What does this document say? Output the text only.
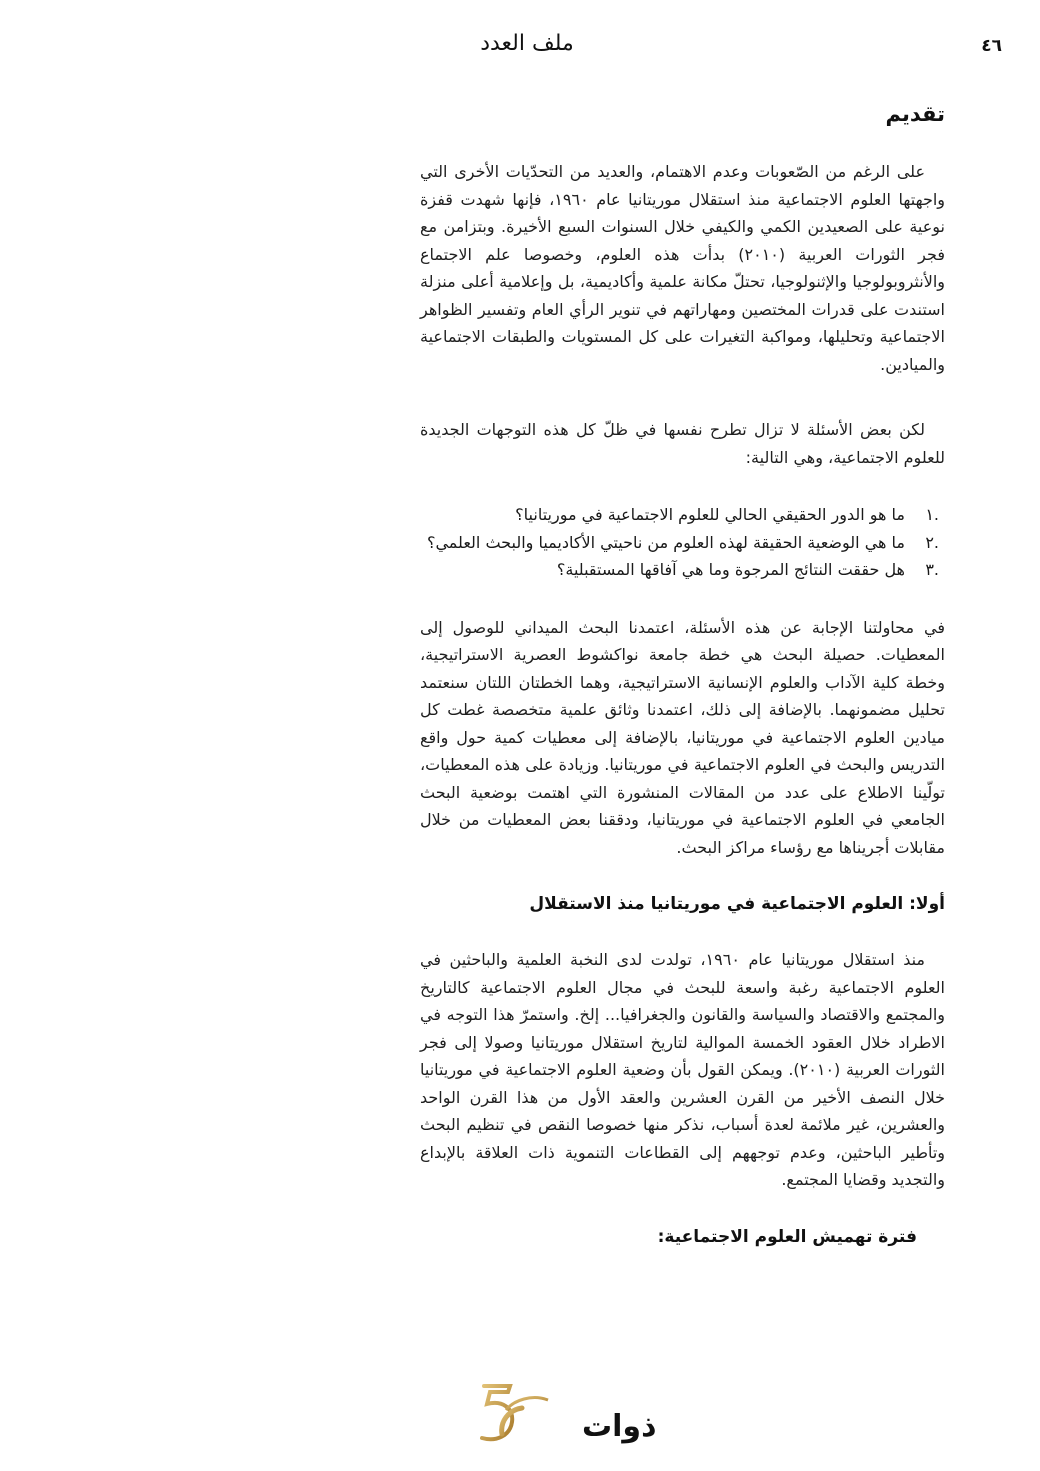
٤٦
ملف العدد
تقديم

على الرغم من الصّعوبات وعدم الاهتمام، والعديد من التحدّيات الأخرى التي واجهتها العلوم الاجتماعية منذ استقلال موريتانيا عام ١٩٦٠، فإنها شهدت قفزة نوعية على الصعيدين الكمي والكيفي خلال السنوات السبع الأخيرة. وبتزامن مع فجر الثورات العربية (٢٠١٠) بدأت هذه العلوم، وخصوصا علم الاجتماع والأنثروبولوجيا والإثنولوجيا، تحتلّ مكانة علمية وأكاديمية، بل وإعلامية أعلى منزلة استندت على قدرات المختصين ومهاراتهم في تنوير الرأي العام وتفسير الظواهر الاجتماعية وتحليلها، ومواكبة التغيرات على كل المستويات والطبقات الاجتماعية والميادين.

لكن بعض الأسئلة لا تزال تطرح نفسها في ظلّ كل هذه التوجهات الجديدة للعلوم الاجتماعية، وهي التالية:

.١
ما هو الدور الحقيقي الحالي للعلوم الاجتماعية في موريتانيا؟
.٢
ما هي الوضعية الحقيقة لهذه العلوم من ناحيتي الأكاديميا والبحث العلمي؟
.٣
هل حققت النتائج المرجوة وما هي آفاقها المستقبلية؟

في محاولتنا الإجابة عن هذه الأسئلة، اعتمدنا البحث الميداني للوصول إلى المعطيات. حصيلة البحث هي خطة جامعة نواكشوط العصرية الاستراتيجية، وخطة كلية الآداب والعلوم الإنسانية الاستراتيجية، وهما الخطتان اللتان سنعتمد تحليل مضمونهما. بالإضافة إلى ذلك، اعتمدنا وثائق علمية متخصصة غطت كل ميادين العلوم الاجتماعية في موريتانيا، بالإضافة إلى معطيات كمية حول واقع التدريس والبحث في العلوم الاجتماعية في موريتانيا. وزيادة على هذه المعطيات، تولّينا الاطلاع على عدد من المقالات المنشورة التي اهتمت بوضعية البحث الجامعي في العلوم الاجتماعية في موريتانيا، ودققنا بعض المعطيات من خلال مقابلات أجريناها مع رؤساء مراكز البحث.

أولا: العلوم الاجتماعية في موريتانيا منذ الاستقلال

منذ استقلال موريتانيا عام ١٩٦٠، تولدت لدى النخبة العلمية والباحثين في العلوم الاجتماعية رغبة واسعة للبحث في مجال العلوم الاجتماعية كالتاريخ والمجتمع والاقتصاد والسياسة والقانون والجغرافيا... إلخ. واستمرّ هذا التوجه في الاطراد خلال العقود الخمسة الموالية لتاريخ استقلال موريتانيا وصولا إلى فجر الثورات العربية (٢٠١٠). ويمكن القول بأن وضعية العلوم الاجتماعية في موريتانيا خلال النصف الأخير من القرن العشرين والعقد الأول من هذا القرن الواحد والعشرين، غير ملائمة لعدة أسباب، نذكر منها خصوصا النقص في تنظيم البحث وتأطير الباحثين، وعدم توجههم إلى القطاعات التنموية ذات العلاقة بالإبداع والتجديد وقضايا المجتمع.

فترة تهميش العلوم الاجتماعية:
ذوات
